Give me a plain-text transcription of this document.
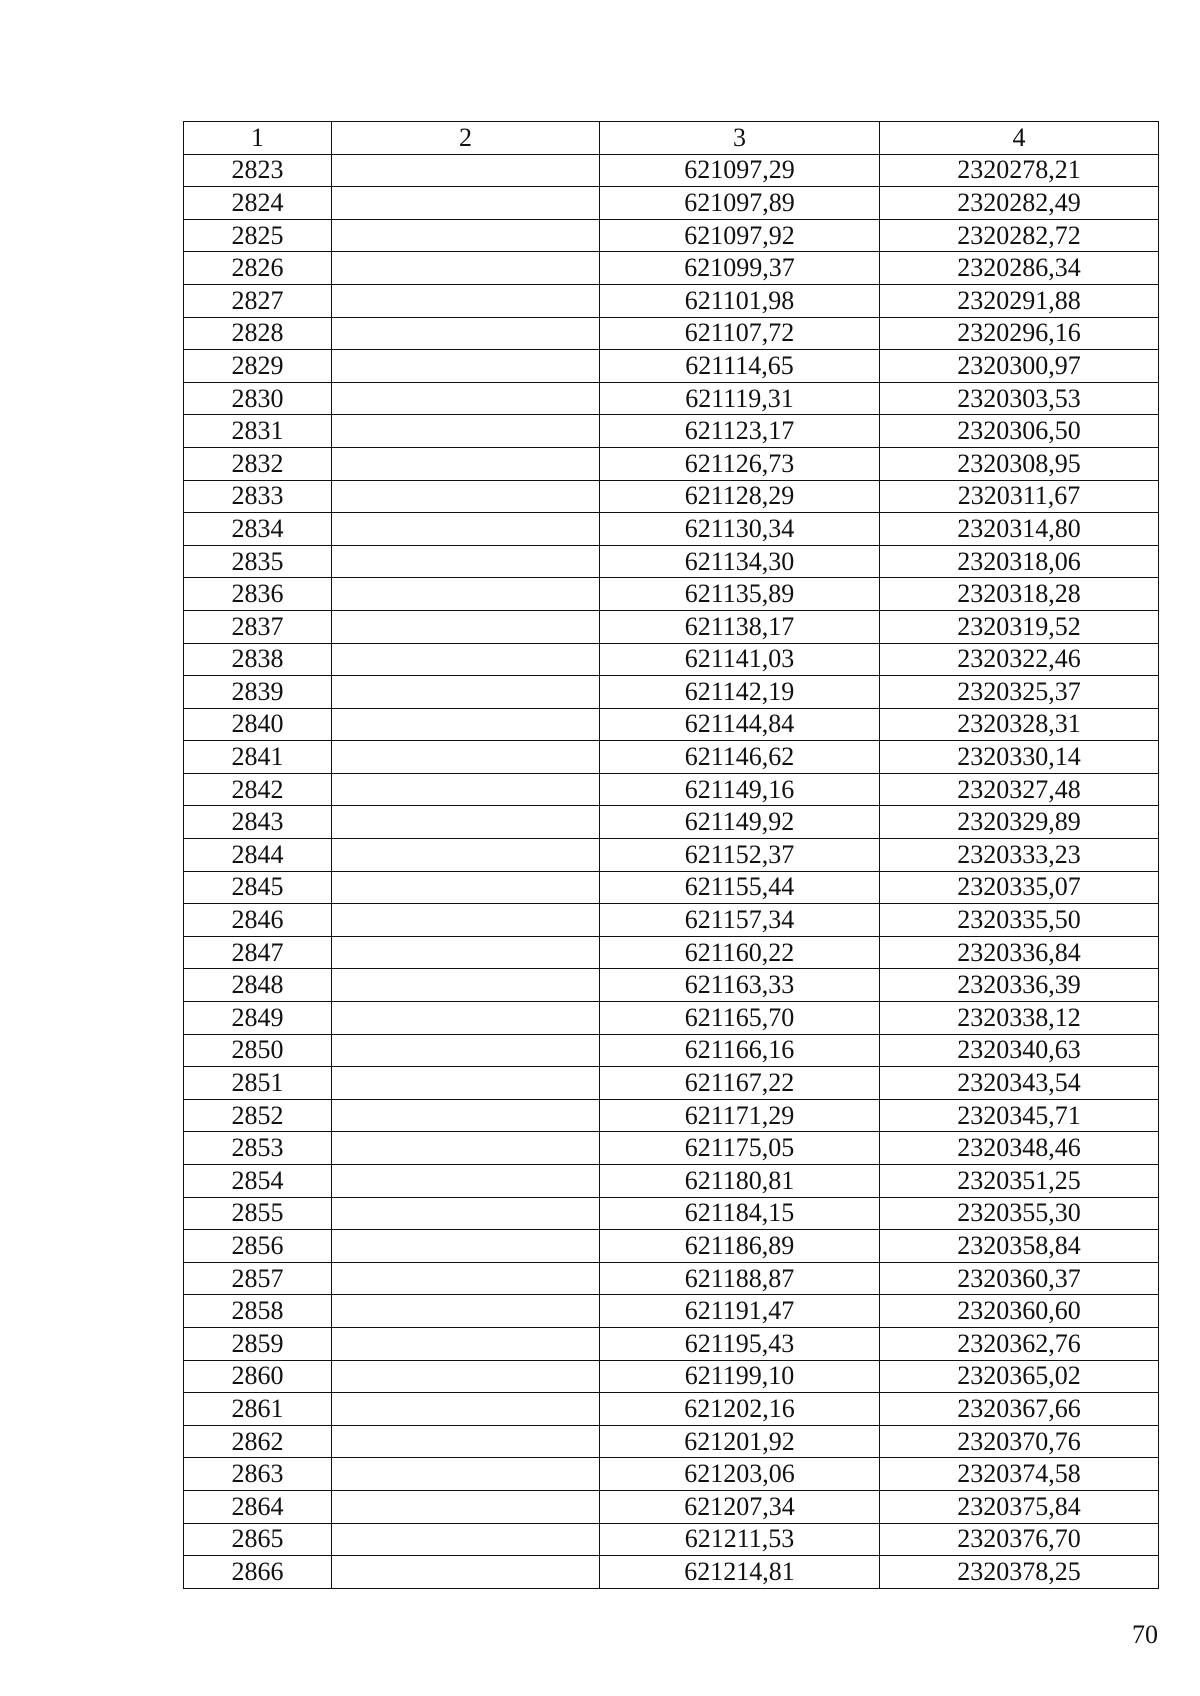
1	2	3	4
2823		621097,29	2320278,21
2824		621097,89	2320282,49
2825		621097,92	2320282,72
2826		621099,37	2320286,34
2827		621101,98	2320291,88
2828		621107,72	2320296,16
2829		621114,65	2320300,97
2830		621119,31	2320303,53
2831		621123,17	2320306,50
2832		621126,73	2320308,95
2833		621128,29	2320311,67
2834		621130,34	2320314,80
2835		621134,30	2320318,06
2836		621135,89	2320318,28
2837		621138,17	2320319,52
2838		621141,03	2320322,46
2839		621142,19	2320325,37
2840		621144,84	2320328,31
2841		621146,62	2320330,14
2842		621149,16	2320327,48
2843		621149,92	2320329,89
2844		621152,37	2320333,23
2845		621155,44	2320335,07
2846		621157,34	2320335,50
2847		621160,22	2320336,84
2848		621163,33	2320336,39
2849		621165,70	2320338,12
2850		621166,16	2320340,63
2851		621167,22	2320343,54
2852		621171,29	2320345,71
2853		621175,05	2320348,46
2854		621180,81	2320351,25
2855		621184,15	2320355,30
2856		621186,89	2320358,84
2857		621188,87	2320360,37
2858		621191,47	2320360,60
2859		621195,43	2320362,76
2860		621199,10	2320365,02
2861		621202,16	2320367,66
2862		621201,92	2320370,76
2863		621203,06	2320374,58
2864		621207,34	2320375,84
2865		621211,53	2320376,70
2866		621214,81	2320378,25
70
